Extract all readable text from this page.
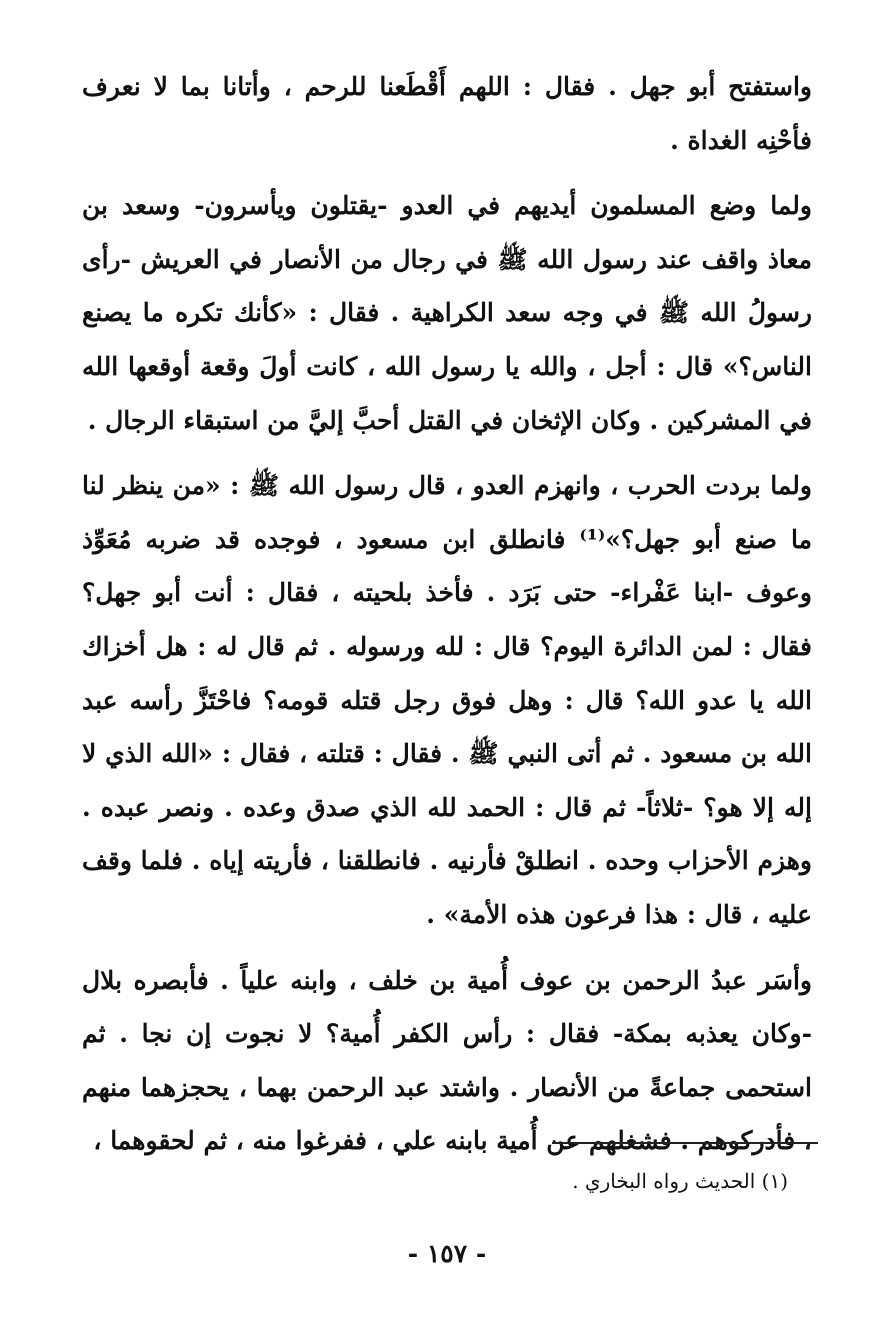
واستفتح أبو جهل . فقال : اللهم أَقْطَعنا للرحم ، وأتانا بما لا نعرف فأحْنِه الغداة .

ولما وضع المسلمون أيديهم في العدو -يقتلون ويأسرون- وسعد بن معاذ واقف عند رسول الله ﷺ في رجال من الأنصار في العريش -رأى رسولُ الله ﷺ في وجه سعد الكراهية . فقال : «كأنك تكره ما يصنع الناس؟» قال : أجل ، والله يا رسول الله ، كانت أولَ وقعة أوقعها الله في المشركين . وكان الإثخان في القتل أحبَّ إليَّ من استبقاء الرجال .

ولما بردت الحرب ، وانهزم العدو ، قال رسول الله ﷺ : «من ينظر لنا ما صنع أبو جهل؟»⁽¹⁾ فانطلق ابن مسعود ، فوجده قد ضربه مُعَوِّذ وعوف -ابنا عَفْراء- حتى بَرَد . فأخذ بلحيته ، فقال : أنت أبو جهل؟ فقال : لمن الدائرة اليوم؟ قال : لله ورسوله . ثم قال له : هل أخزاك الله يا عدو الله؟ قال : وهل فوق رجل قتله قومه؟ فاحْتَزَّ رأسه عبد الله بن مسعود . ثم أتى النبي ﷺ . فقال : قتلته ، فقال : «الله الذي لا إله إلا هو؟ -ثلاثاً- ثم قال : الحمد لله الذي صدق وعده . ونصر عبده . وهزم الأحزاب وحده . انطلقْ فأرنيه . فانطلقنا ، فأريته إياه . فلما وقف عليه ، قال : هذا فرعون هذه الأمة» .

وأسَر عبدُ الرحمن بن عوف أُمية بن خلف ، وابنه علياً . فأبصره بلال -وكان يعذبه بمكة- فقال : رأس الكفر أُمية؟ لا نجوت إن نجا . ثم استحمى جماعةً من الأنصار . واشتد عبد الرحمن بهما ، يحجزهما منهم ، فأدركوهم . فشغلهم عن أُمية بابنه علي ، ففرغوا منه ، ثم لحقوهما ،

(١) الحديث رواه البخاري .
- ١٥٧ -
